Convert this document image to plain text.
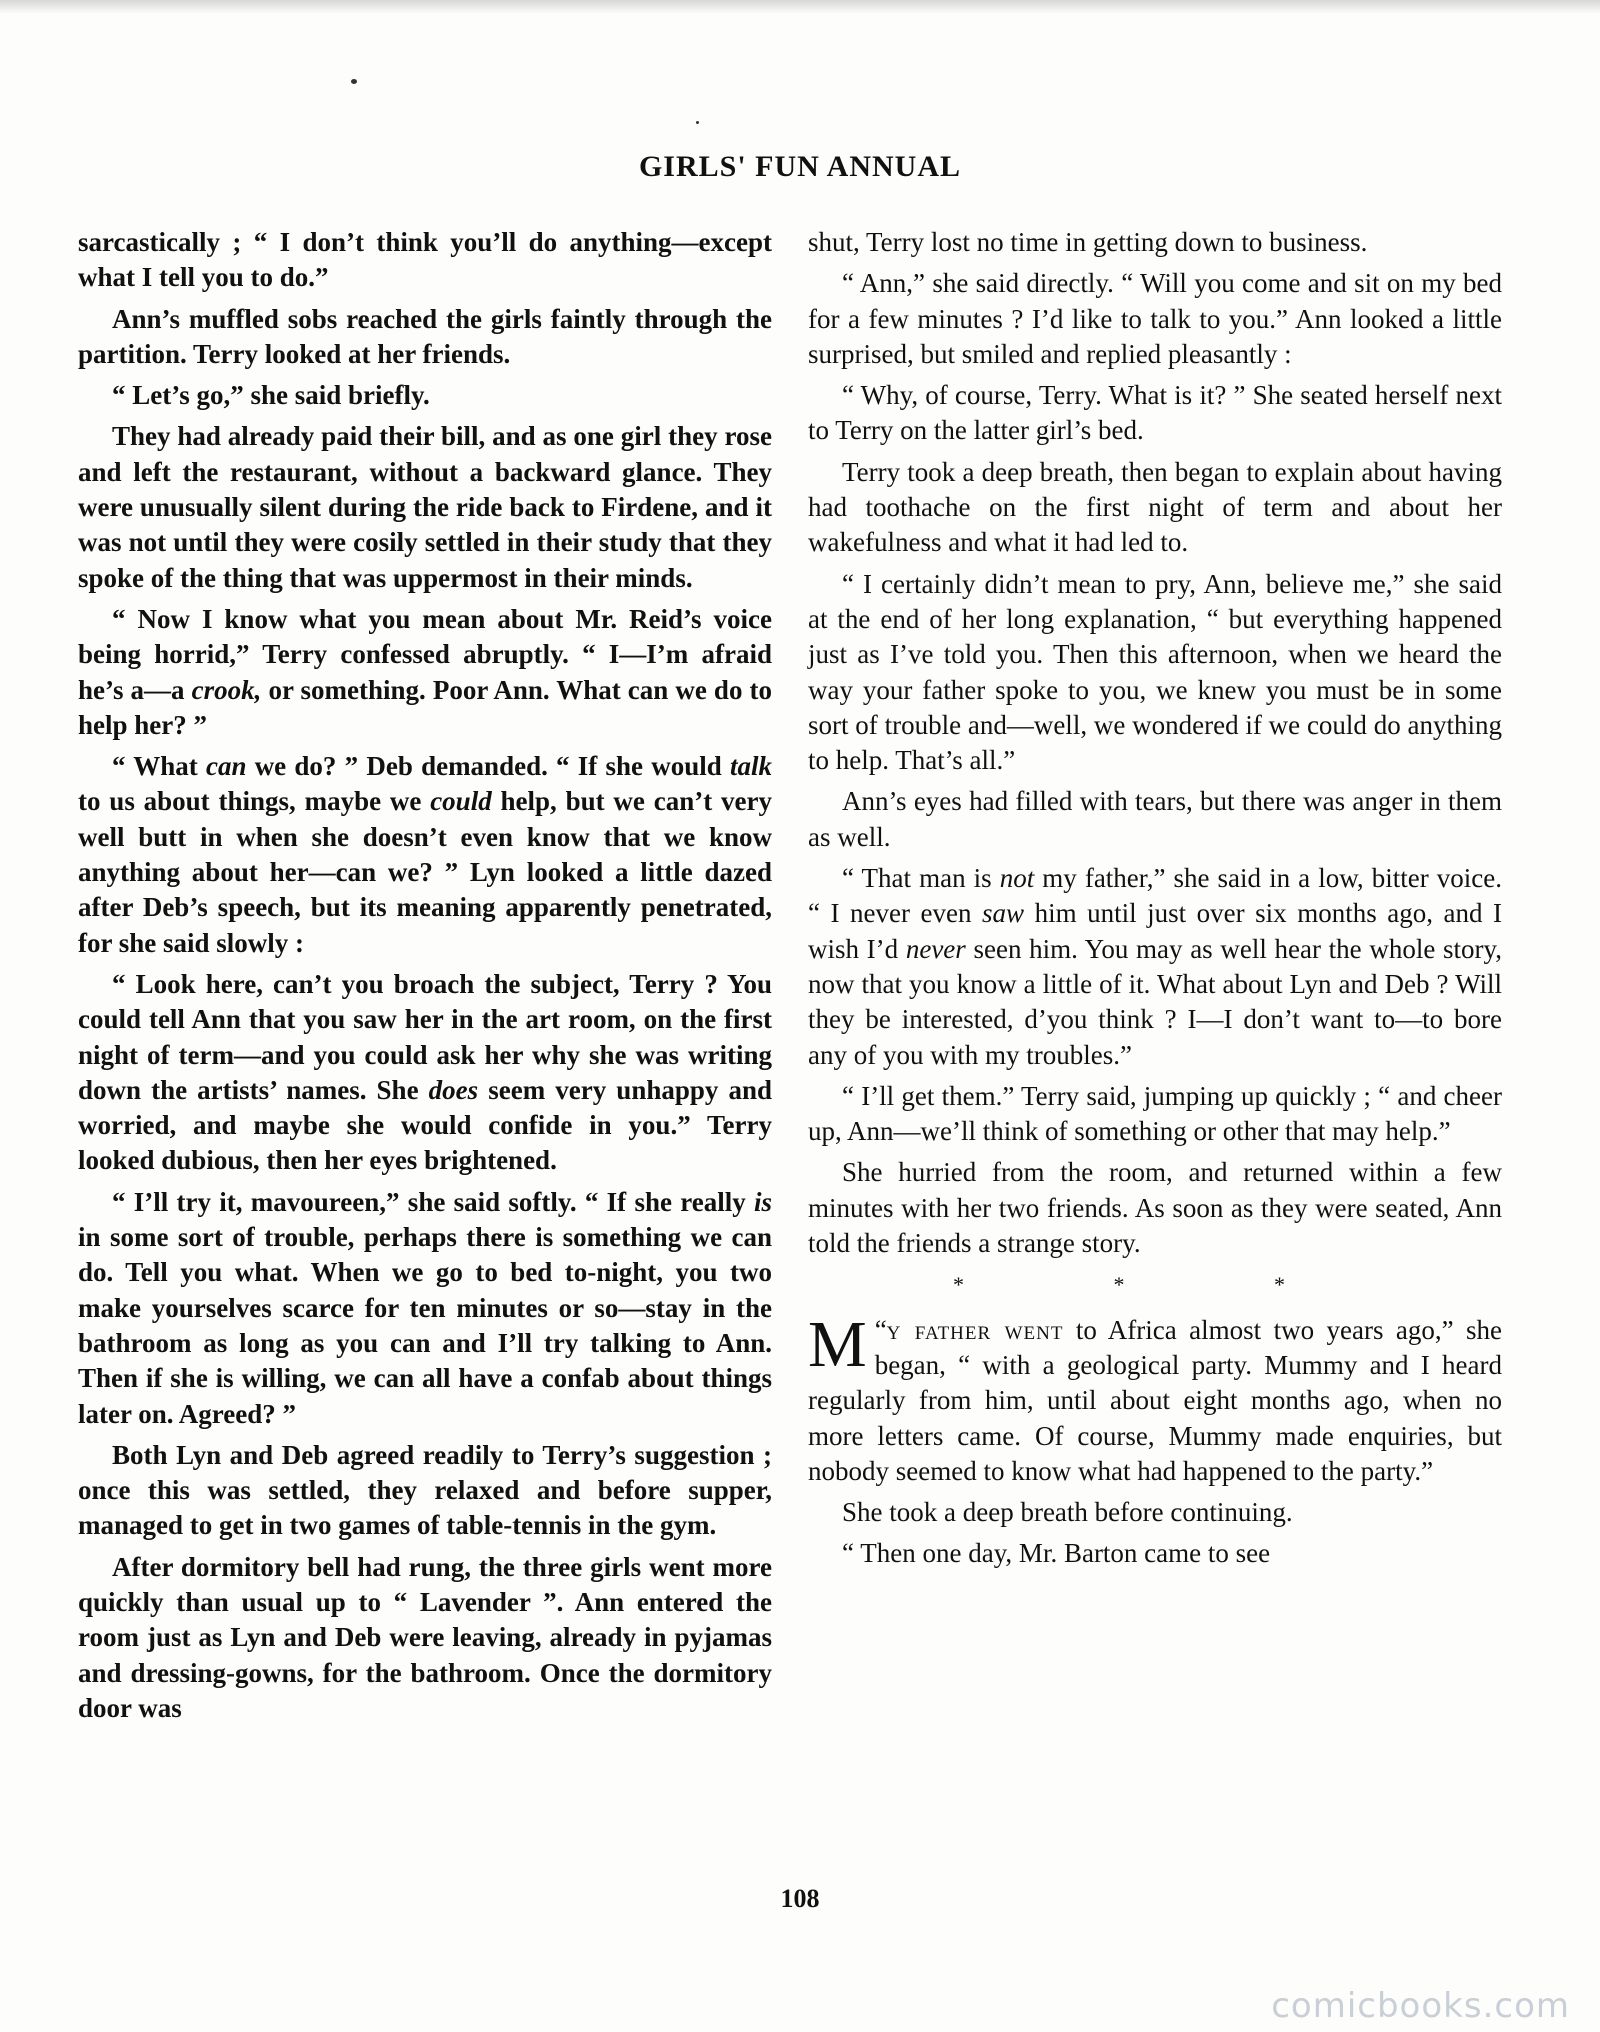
GIRLS' FUN ANNUAL

sarcastically ; “ I don’t think you’ll do anything—except what I tell you to do.”

Ann’s muffled sobs reached the girls faintly through the partition. Terry looked at her friends.

“ Let’s go,” she said briefly.

They had already paid their bill, and as one girl they rose and left the restaurant, without a backward glance. They were unusually silent during the ride back to Firdene, and it was not until they were cosily settled in their study that they spoke of the thing that was uppermost in their minds.

“ Now I know what you mean about Mr. Reid’s voice being horrid,” Terry confessed abruptly. “ I—I’m afraid he’s a—a crook, or something. Poor Ann. What can we do to help her? ”

“ What can we do? ” Deb demanded. “ If she would talk to us about things, maybe we could help, but we can’t very well butt in when she doesn’t even know that we know anything about her—can we? ” Lyn looked a little dazed after Deb’s speech, but its meaning apparently penetrated, for she said slowly :

“ Look here, can’t you broach the subject, Terry ? You could tell Ann that you saw her in the art room, on the first night of term—and you could ask her why she was writing down the artists’ names. She does seem very unhappy and worried, and maybe she would confide in you.” Terry looked dubious, then her eyes brightened.

“ I’ll try it, mavoureen,” she said softly. “ If she really is in some sort of trouble, perhaps there is something we can do. Tell you what. When we go to bed to-night, you two make yourselves scarce for ten minutes or so—stay in the bathroom as long as you can and I’ll try talking to Ann. Then if she is willing, we can all have a confab about things later on. Agreed? ”

Both Lyn and Deb agreed readily to Terry’s suggestion ; once this was settled, they relaxed and before supper, managed to get in two games of table-tennis in the gym.

After dormitory bell had rung, the three girls went more quickly than usual up to “ Lavender ”. Ann entered the room just as Lyn and Deb were leaving, already in pyjamas and dressing-gowns, for the bathroom. Once the dormitory door was

shut, Terry lost no time in getting down to business.

“ Ann,” she said directly. “ Will you come and sit on my bed for a few minutes ? I’d like to talk to you.” Ann looked a little surprised, but smiled and replied pleasantly :

“ Why, of course, Terry. What is it? ” She seated herself next to Terry on the latter girl’s bed.

Terry took a deep breath, then began to explain about having had toothache on the first night of term and about her wakefulness and what it had led to.

“ I certainly didn’t mean to pry, Ann, believe me,” she said at the end of her long explanation, “ but everything happened just as I’ve told you. Then this afternoon, when we heard the way your father spoke to you, we knew you must be in some sort of trouble and—well, we wondered if we could do anything to help. That’s all.”

Ann’s eyes had filled with tears, but there was anger in them as well.

“ That man is not my father,” she said in a low, bitter voice. “ I never even saw him until just over six months ago, and I wish I’d never seen him. You may as well hear the whole story, now that you know a little of it. What about Lyn and Deb ? Will they be interested, d’you think ? I—I don’t want to—to bore any of you with my troubles.”

“ I’ll get them.” Terry said, jumping up quickly ; “ and cheer up, Ann—we’ll think of something or other that may help.”

She hurried from the room, and returned within a few minutes with her two friends. As soon as they were seated, Ann told the friends a strange story.

* * *

“
M y father went to Africa almost two years ago,” she began, “ with a geological party. Mummy and I heard regularly from him, until about eight months ago, when no more letters came. Of course, Mummy made enquiries, but nobody seemed to know what had happened to the party.”

She took a deep breath before continuing.

“ Then one day, Mr. Barton came to see

108
comicbooks.com
